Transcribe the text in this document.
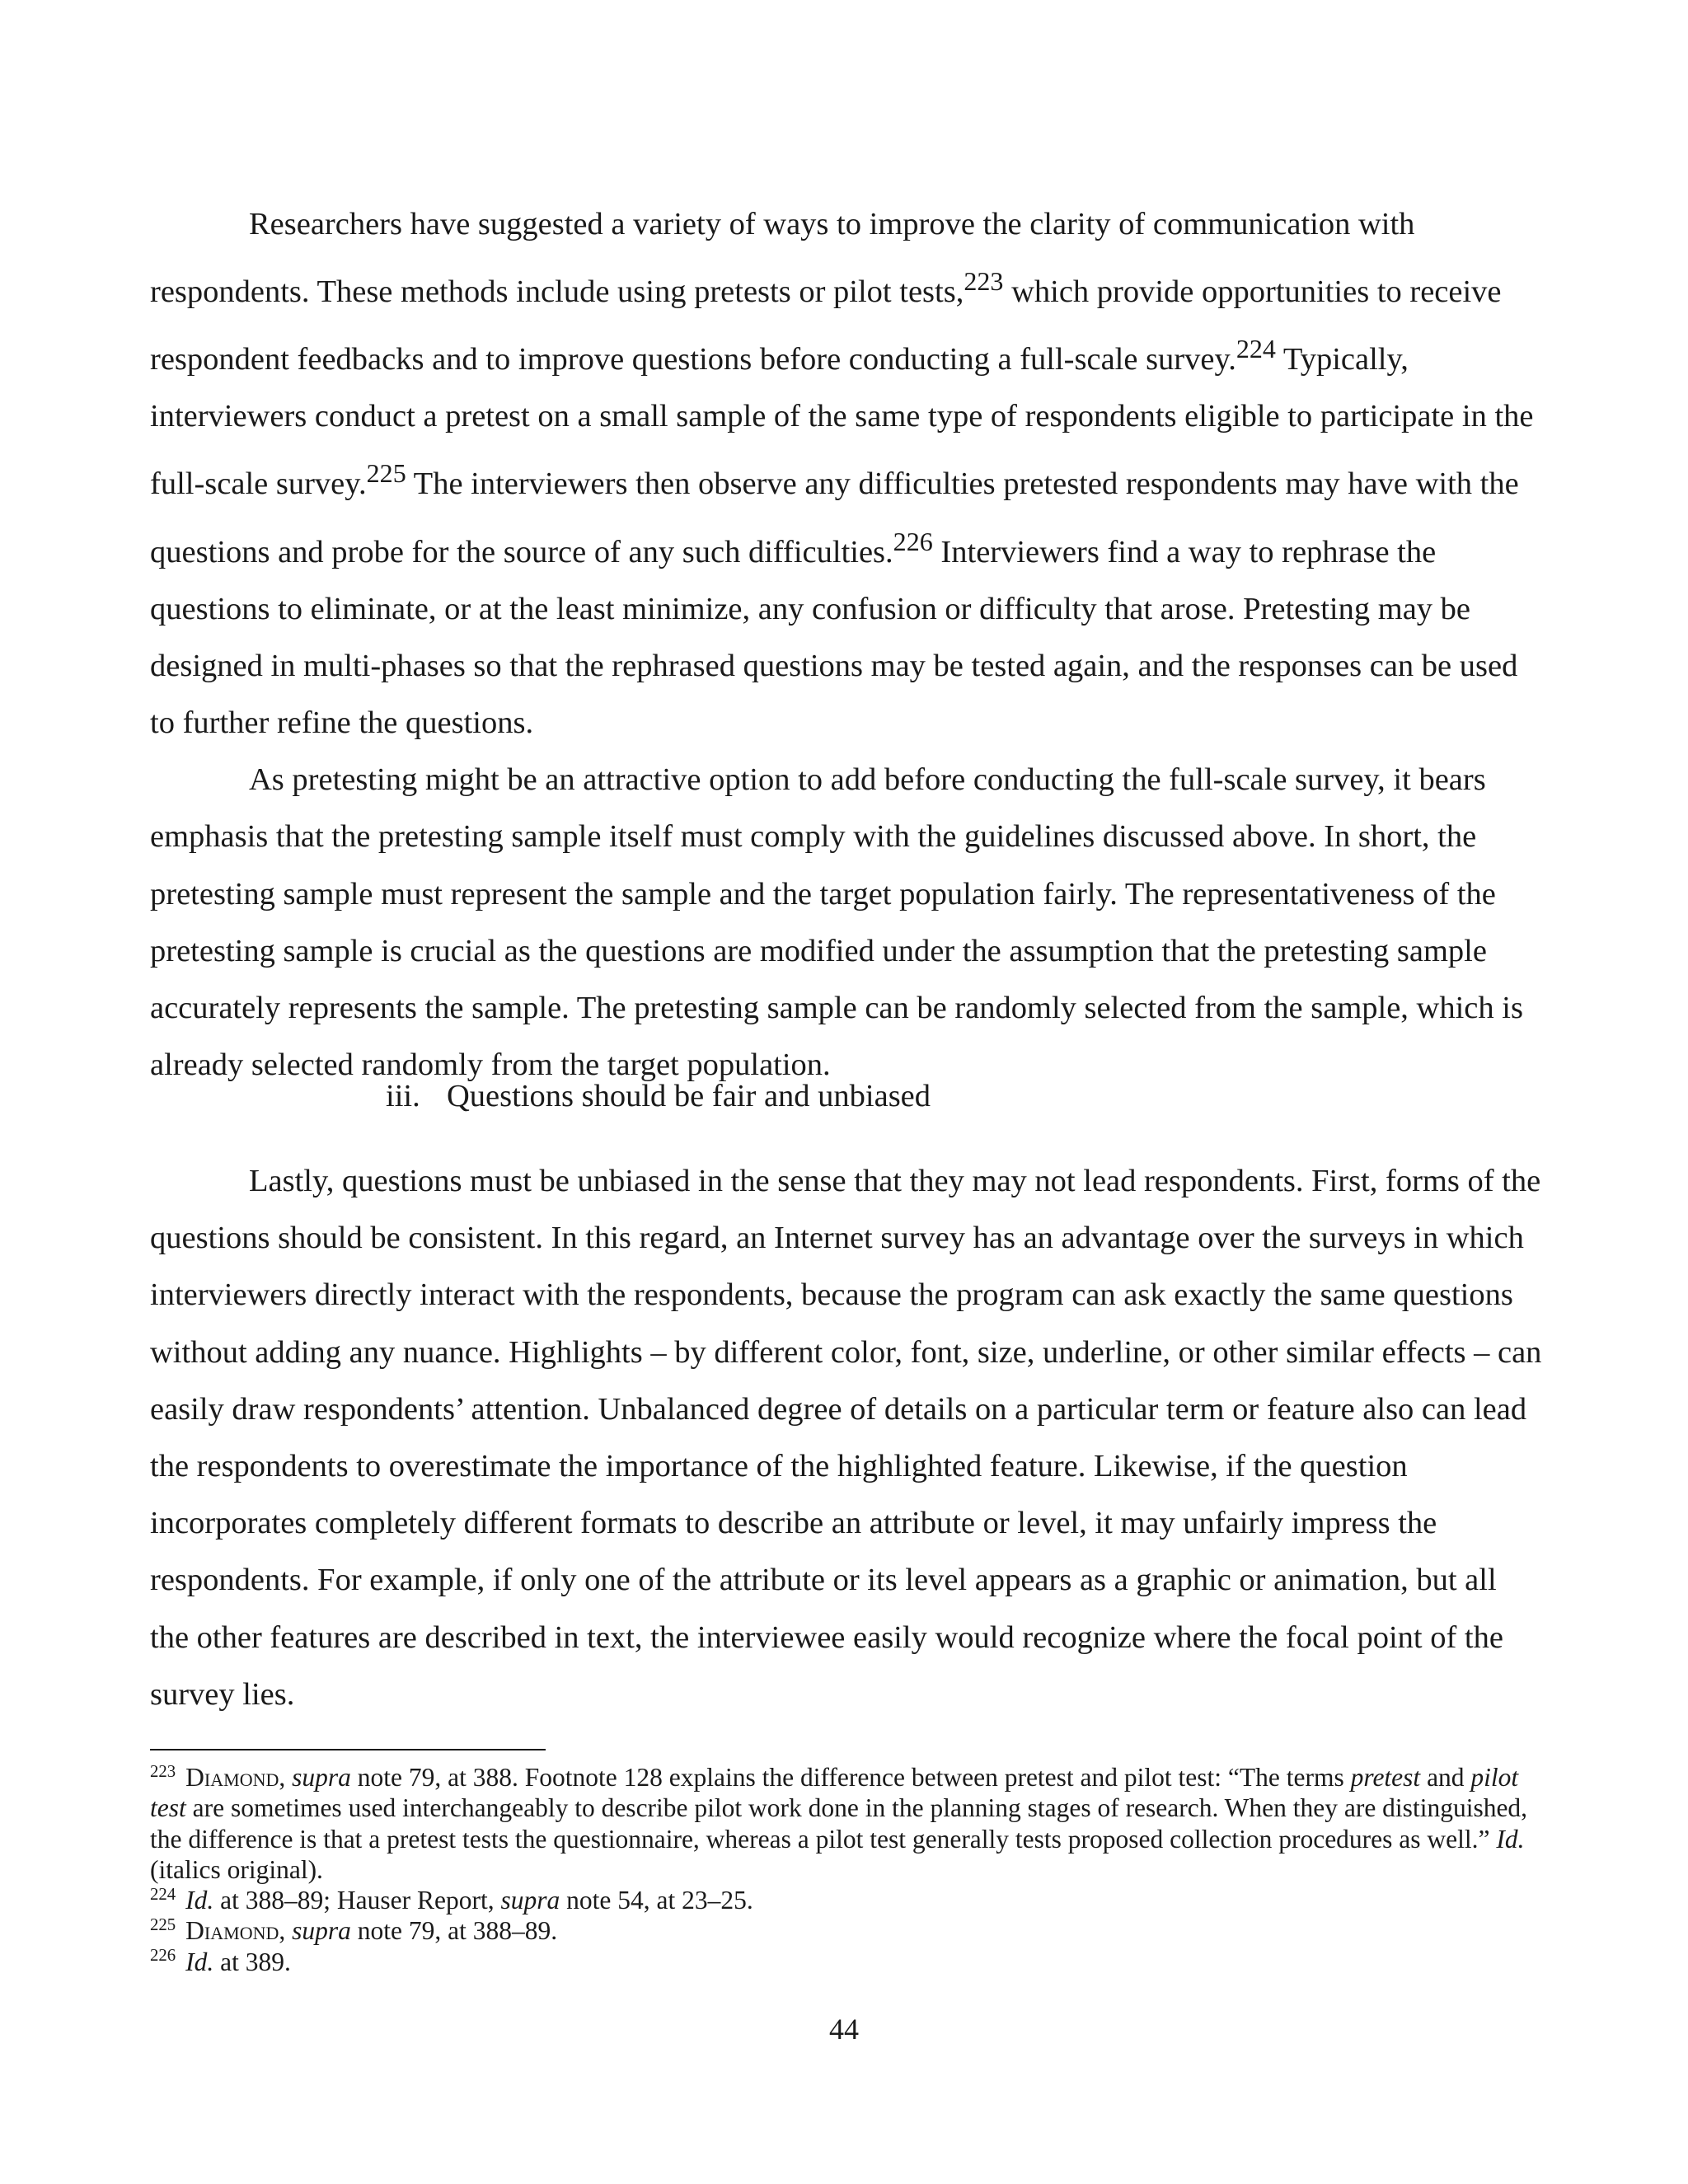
Researchers have suggested a variety of ways to improve the clarity of communication with respondents. These methods include using pretests or pilot tests,$^{223}$ which provide opportunities to receive respondent feedbacks and to improve questions before conducting a full-scale survey.$^{224}$ Typically, interviewers conduct a pretest on a small sample of the same type of respondents eligible to participate in the full-scale survey.$^{225}$ The interviewers then observe any difficulties pretested respondents may have with the questions and probe for the source of any such difficulties.$^{226}$ Interviewers find a way to rephrase the questions to eliminate, or at the least minimize, any confusion or difficulty that arose. Pretesting may be designed in multi-phases so that the rephrased questions may be tested again, and the responses can be used to further refine the questions.

As pretesting might be an attractive option to add before conducting the full-scale survey, it bears emphasis that the pretesting sample itself must comply with the guidelines discussed above. In short, the pretesting sample must represent the sample and the target population fairly. The representativeness of the pretesting sample is crucial as the questions are modified under the assumption that the pretesting sample accurately represents the sample. The pretesting sample can be randomly selected from the sample, which is already selected randomly from the target population.

iii. Questions should be fair and unbiased

Lastly, questions must be unbiased in the sense that they may not lead respondents. First, forms of the questions should be consistent. In this regard, an Internet survey has an advantage over the surveys in which interviewers directly interact with the respondents, because the program can ask exactly the same questions without adding any nuance. Highlights – by different color, font, size, underline, or other similar effects – can easily draw respondents’ attention. Unbalanced degree of details on a particular term or feature also can lead the respondents to overestimate the importance of the highlighted feature. Likewise, if the question incorporates completely different formats to describe an attribute or level, it may unfairly impress the respondents. For example, if only one of the attribute or its level appears as a graphic or animation, but all the other features are described in text, the interviewee easily would recognize where the focal point of the survey lies.

$^{223}$ Diamond, supra note 79, at 388. Footnote 128 explains the difference between pretest and pilot test: “The terms pretest and pilot test are sometimes used interchangeably to describe pilot work done in the planning stages of research. When they are distinguished, the difference is that a pretest tests the questionnaire, whereas a pilot test generally tests proposed collection procedures as well.” Id. (italics original).

$^{224}$ Id. at 388–89; Hauser Report, supra note 54, at 23–25.

$^{225}$ Diamond, supra note 79, at 388–89.

$^{226}$ Id. at 389.

44
